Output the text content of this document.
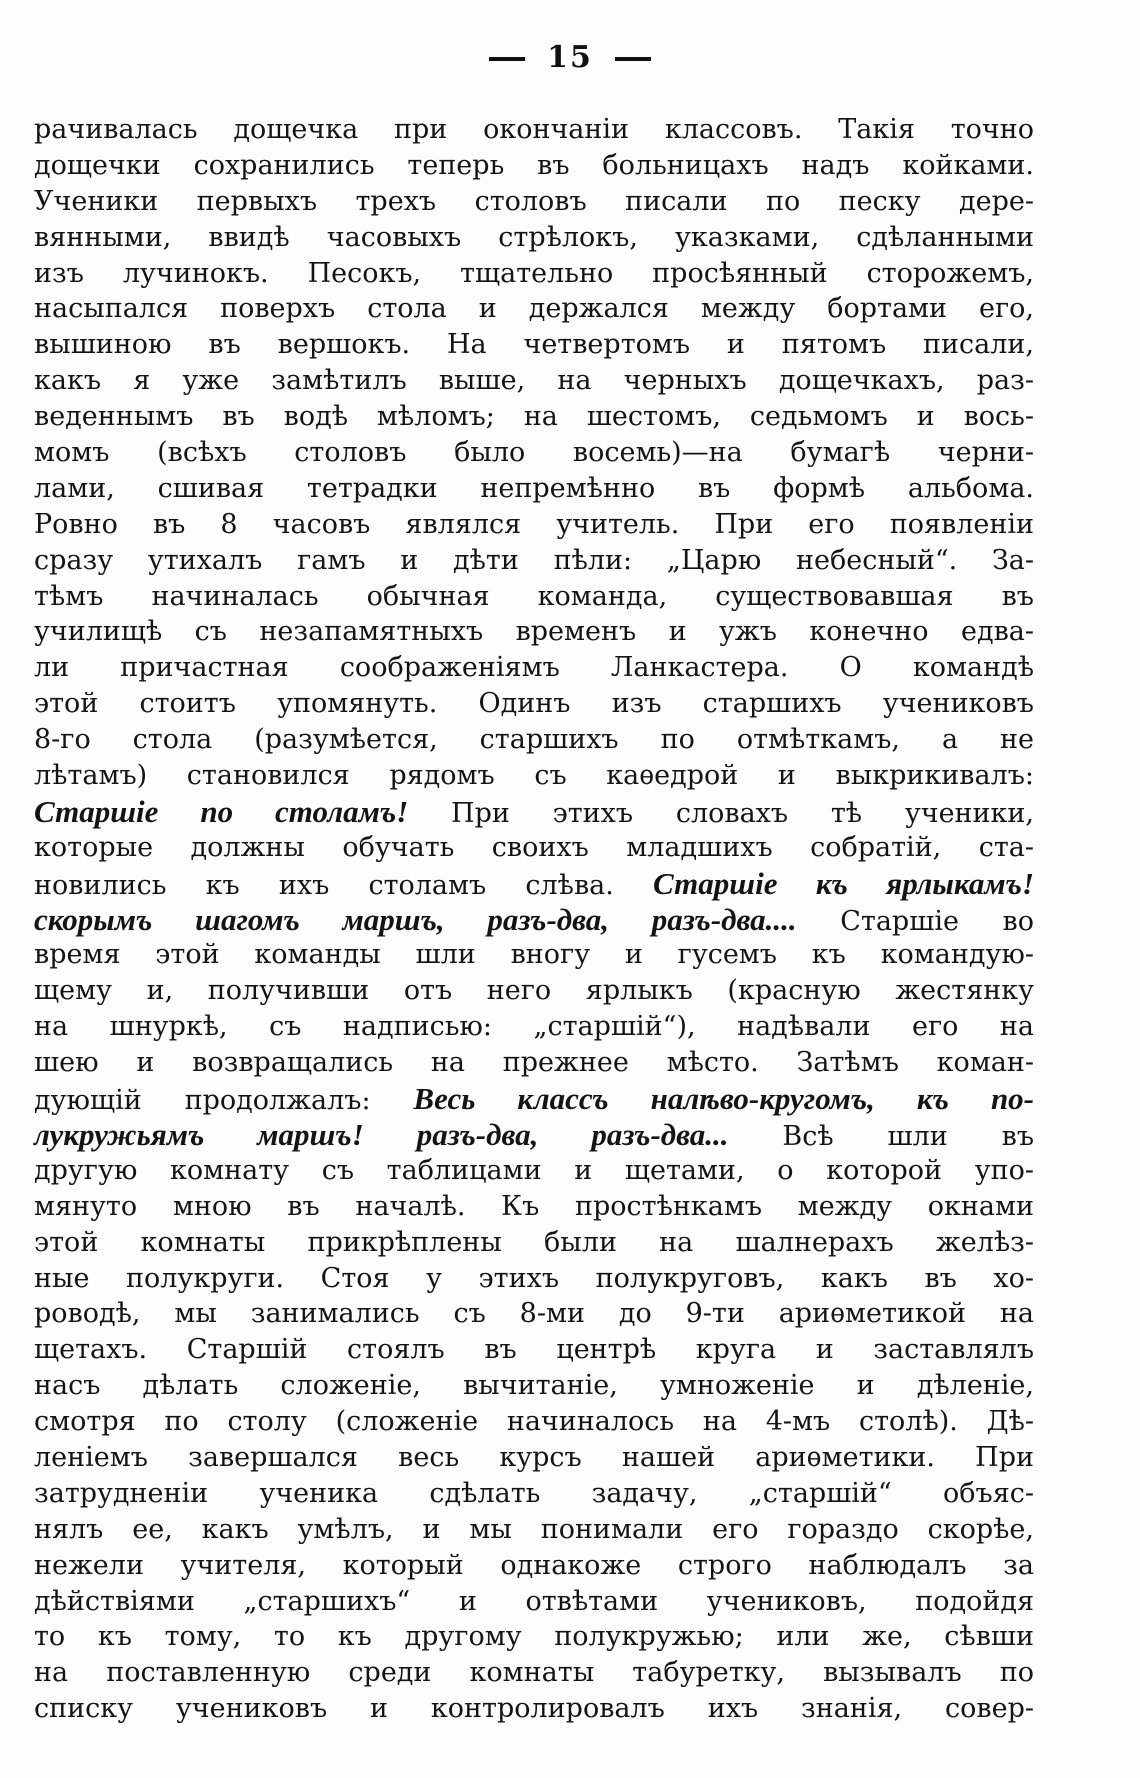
15
рачивалась дощечка при окончаніи классовъ. Такія точно
дощечки сохранились теперь въ больницахъ надъ койками.
Ученики первыхъ трехъ столовъ писали по песку дере-
вянными, ввидѣ часовыхъ стрѣлокъ, указками, сдѣланными
изъ лучинокъ. Песокъ, тщательно просѣянный сторожемъ,
насыпался поверхъ стола и держался между бортами его,
вышиною въ вершокъ. На четвертомъ и пятомъ писали,
какъ я уже замѣтилъ выше, на черныхъ дощечкахъ, раз-
веденнымъ въ водѣ мѣломъ; на шестомъ, седьмомъ и вось-
момъ (всѣхъ столовъ было восемь)—на бумагѣ черни-
лами, сшивая тетрадки непремѣнно въ формѣ альбома.
Ровно въ 8 часовъ являлся учитель. При его появленіи
сразу утихалъ гамъ и дѣти пѣли: „Царю небесный“. За-
тѣмъ начиналась обычная команда, существовавшая въ
училищѣ съ незапамятныхъ временъ и ужъ конечно едва-
ли причастная соображеніямъ Ланкастера. О командѣ
этой стоитъ упомянуть. Одинъ изъ старшихъ учениковъ
8-го стола (разумѣется, старшихъ по отмѣткамъ, а не
лѣтамъ) становился рядомъ съ каѳедрой и выкрикивалъ:
Старшіе по столамъ! При этихъ словахъ тѣ ученики,
которые должны обучать своихъ младшихъ собратій, ста-
новились къ ихъ столамъ слѣва. Старшіе къ ярлыкамъ!
скорымъ шагомъ маршъ, разъ-два, разъ-два.... Старшіе во
время этой команды шли вногу и гусемъ къ командую-
щему и, получивши отъ него ярлыкъ (красную жестянку
на шнуркѣ, съ надписью: „старшій“), надѣвали его на
шею и возвращались на прежнее мѣсто. Затѣмъ коман-
дующій продолжалъ: Весь классъ налѣво-кругомъ, къ по-
лукружьямъ маршъ! разъ-два, разъ-два... Всѣ шли въ
другую комнату съ таблицами и щетами, о которой упо-
мянуто мною въ началѣ. Къ простѣнкамъ между окнами
этой комнаты прикрѣплены были на шалнерахъ желѣз-
ные полукруги. Стоя у этихъ полукруговъ, какъ въ хо-
роводѣ, мы занимались съ 8-ми до 9-ти ариѳметикой на
щетахъ. Старшій стоялъ въ центрѣ круга и заставлялъ
насъ дѣлать сложеніе, вычитаніе, умноженіе и дѣленіе,
смотря по столу (сложеніе начиналось на 4-мъ столѣ). Дѣ-
леніемъ завершался весь курсъ нашей ариѳметики. При
затрудненіи ученика сдѣлать задачу, „старшій“ объяс-
нялъ ее, какъ умѣлъ, и мы понимали его гораздо скорѣе,
нежели учителя, который однакоже строго наблюдалъ за
дѣйствіями „старшихъ“ и отвѣтами учениковъ, подойдя
то къ тому, то къ другому полукружью; или же, сѣвши
на поставленную среди комнаты табуретку, вызывалъ по
списку учениковъ и контролировалъ ихъ знанія, совер-
